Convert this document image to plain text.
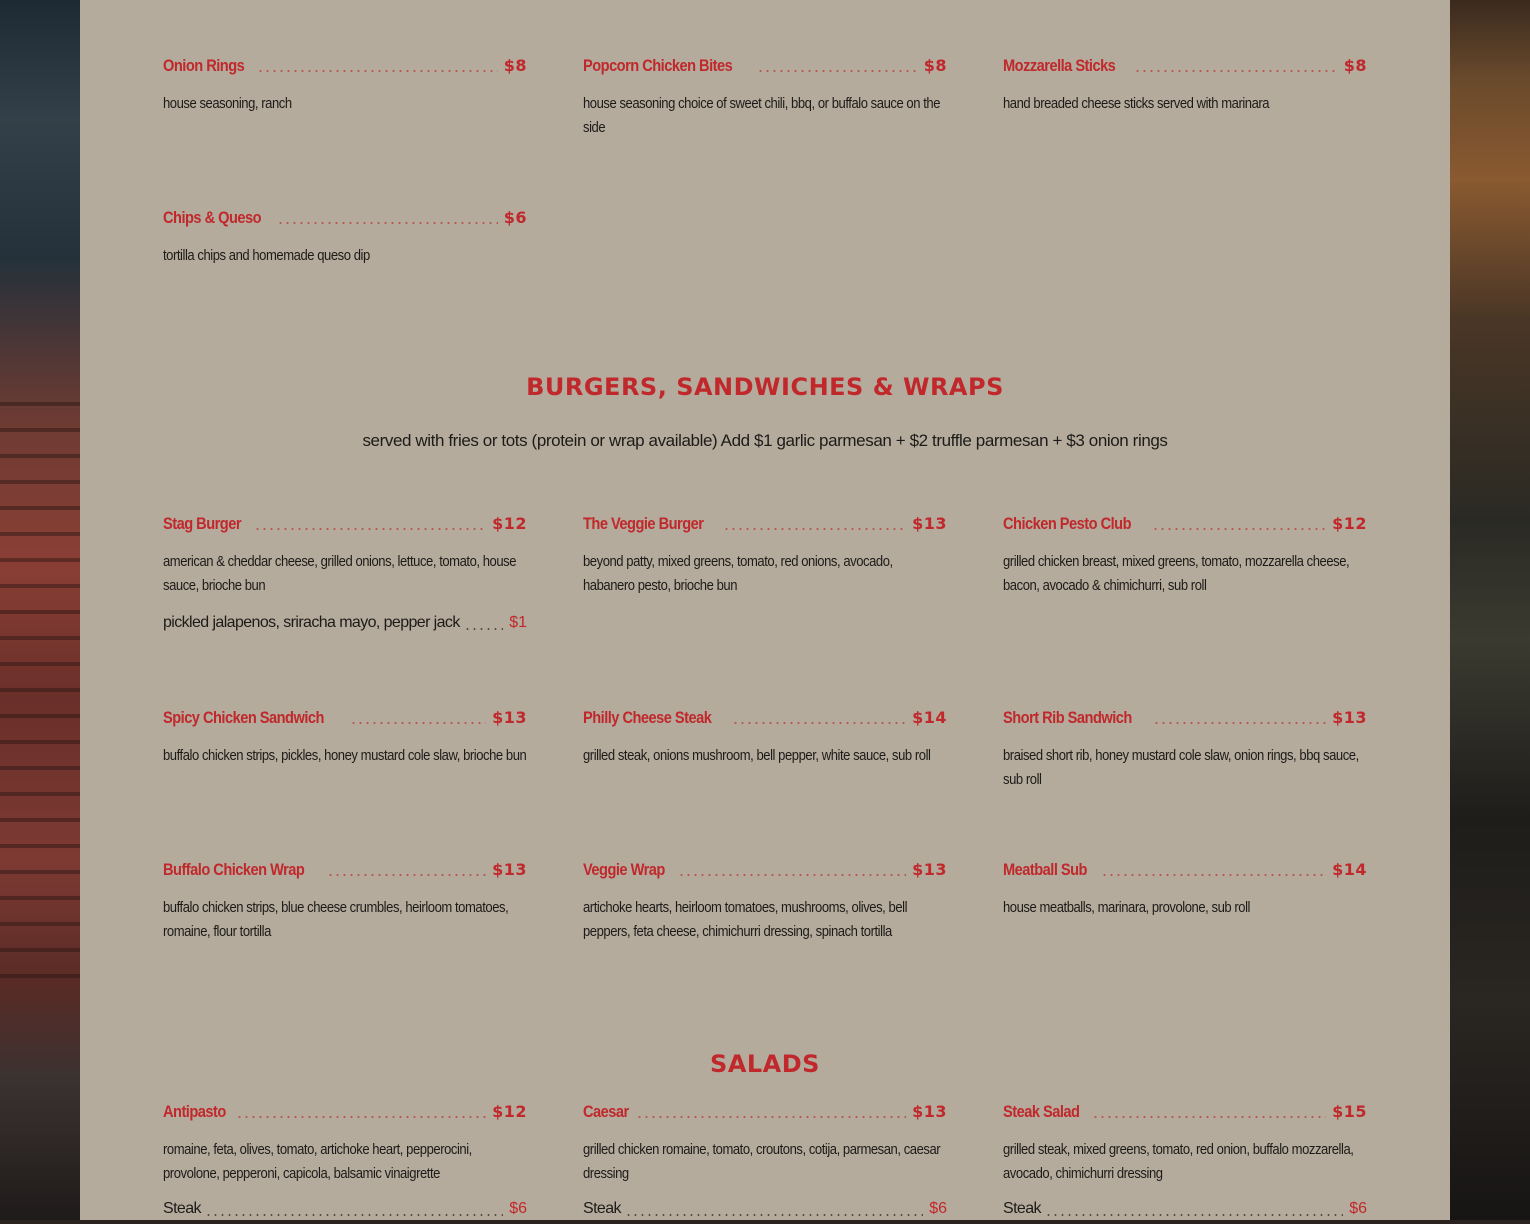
Onion Rings	$8
house seasoning, ranch
Popcorn Chicken Bites	$8
house seasoning choice of sweet chili, bbq, or buffalo sauce on the side
Mozzarella Sticks	$8
hand breaded cheese sticks served with marinara
Chips & Queso	$6
tortilla chips and homemade queso dip
BURGERS, SANDWICHES & WRAPS
served with fries or tots (protein or wrap available) Add $1 garlic parmesan + $2 truffle parmesan + $3 onion rings
Stag Burger	$12
american & cheddar cheese, grilled onions, lettuce, tomato, house sauce, brioche bun
pickled jalapenos, sriracha mayo, pepper jack	$1
The Veggie Burger	$13
beyond patty, mixed greens, tomato, red onions, avocado, habanero pesto, brioche bun
Chicken Pesto Club	$12
grilled chicken breast, mixed greens, tomato, mozzarella cheese, bacon, avocado & chimichurri, sub roll
Spicy Chicken Sandwich	$13
buffalo chicken strips, pickles, honey mustard cole slaw, brioche bun
Philly Cheese Steak	$14
grilled steak, onions mushroom, bell pepper, white sauce, sub roll
Short Rib Sandwich	$13
braised short rib, honey mustard cole slaw, onion rings, bbq sauce, sub roll
Buffalo Chicken Wrap	$13
buffalo chicken strips, blue cheese crumbles, heirloom tomatoes, romaine, flour tortilla
Veggie Wrap	$13
artichoke hearts, heirloom tomatoes, mushrooms, olives, bell peppers, feta cheese, chimichurri dressing, spinach tortilla
Meatball Sub	$14
house meatballs, marinara, provolone, sub roll
SALADS
Antipasto	$12
romaine, feta, olives, tomato, artichoke heart, pepperocini, provolone, pepperoni, capicola, balsamic vinaigrette
Steak	$6
Caesar	$13
grilled chicken romaine, tomato, croutons, cotija, parmesan, caesar dressing
Steak	$6
Steak Salad	$15
grilled steak, mixed greens, tomato, red onion, buffalo mozzarella, avocado, chimichurri dressing
Steak	$6
